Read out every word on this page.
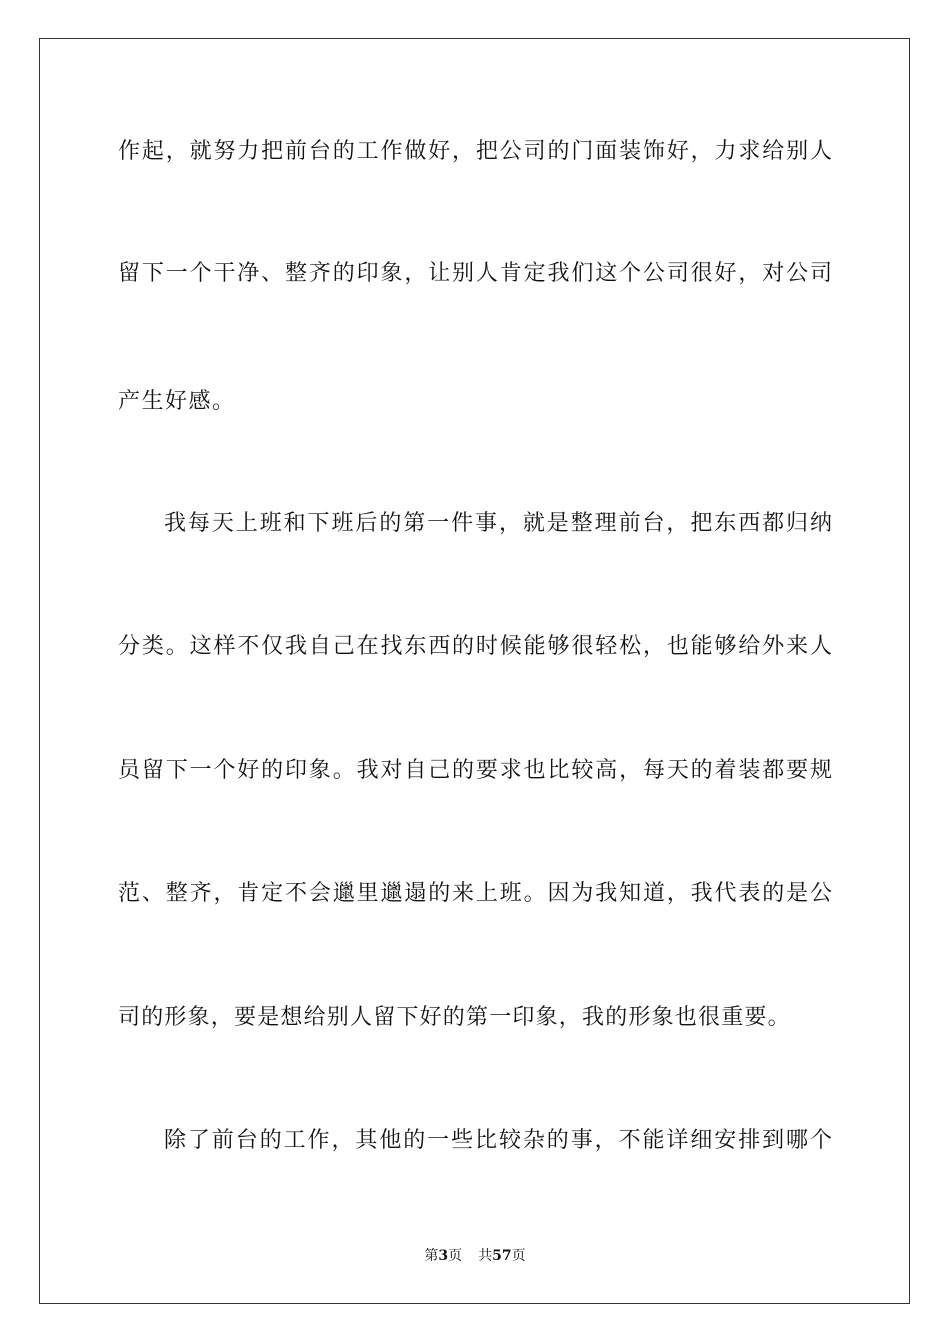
作起，就努力把前台的工作做好，把公司的门面装饰好，力求给别人
留下一个干净、整齐的印象，让别人肯定我们这个公司很好，对公司
产生好感。
我每天上班和下班后的第一件事，就是整理前台，把东西都归纳
分类。这样不仅我自己在找东西的时候能够很轻松，也能够给外来人
员留下一个好的印象。我对自己的要求也比较高，每天的着装都要规
范、整齐，肯定不会邋里邋遢的来上班。因为我知道，我代表的是公
司的形象，要是想给别人留下好的第一印象，我的形象也很重要。
除了前台的工作，其他的一些比较杂的事，不能详细安排到哪个
第3页 共57页
